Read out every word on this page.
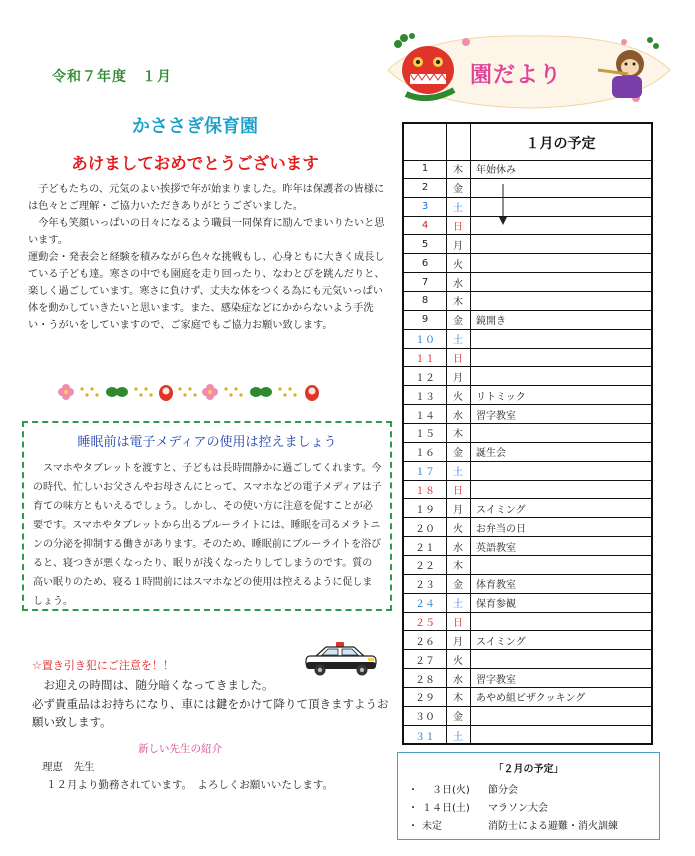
令和７年度　１月
かささぎ保育園
あけましておめでとうございます

　子どもたちの、元気のよい挨拶で年が始まりました。昨年は保護者の皆様には色々とご理解・ご協力いただきありがとうございました。

　今年も笑顔いっぱいの日々になるよう職員一同保育に励んでまいりたいと思います。

運動会・発表会と経験を積みながら色々な挑戦もし、心身ともに大きく成長している子ども達。寒さの中でも園庭を走り回ったり、なわとびを跳んだりと、楽しく過ごしています。寒さに負けず、丈夫な体をつくる為にも元気いっぱい体を動かしていきたいと思います。また、感染症などにかからないよう手洗い・うがいをしていますので、ご家庭でもご協力お願い致します。

睡眠前は電子メディアの使用は控えましょう
　スマホやタブレットを渡すと、子どもは長時間静かに過ごしてくれます。今の時代、忙しいお父さんやお母さんにとって、スマホなどの電子メディアは子育ての味方ともいえるでしょう。しかし、その使い方に注意を促すことが必要です。スマホやタブレットから出るブルーライトには、睡眠を司るメラトニンの分泌を抑制する働きがあります。そのため、睡眠前にブルーライトを浴びると、寝つきが悪くなったり、眠りが浅くなったりしてしまうのです。質の高い眠りのため、寝る１時間前にはスマホなどの使用は控えるように促しましょう。
☆置き引き犯にご注意を！！

　お迎えの時間は、随分暗くなってきました。

必ず貴重品はお持ちになり、車には鍵をかけて降りて頂きますようお願い致します。

新しい先生の紹介
理恵　先生
１２月より勤務されています。　よろしくお願いいたします。
園だより
１月の予定
1	木	年始休み
2	金
3	土
4	日
5	月
6	火
7	水
8	木
9	金	鏡開き
１０	土
１１	日
１２	月
１３	火	リトミック
１４	水	習字教室
１５	木
１６	金	誕生会
１７	土
１８	日
１９	月	スイミング
２０	火	お弁当の日
２１	水	英語教室
２２	木
２３	金	体育教室
２４	土	保育参観
２５	日
２６	月	スイミング
２７	火
２８	水	習字教室
２９	木	あやめ組ピザクッキング
３０	金
３１	土
「２月の予定」
・　３日(火) 節分会
・ １４日(土) マラソン大会
・ 未定	消防士による避難・消火訓練
